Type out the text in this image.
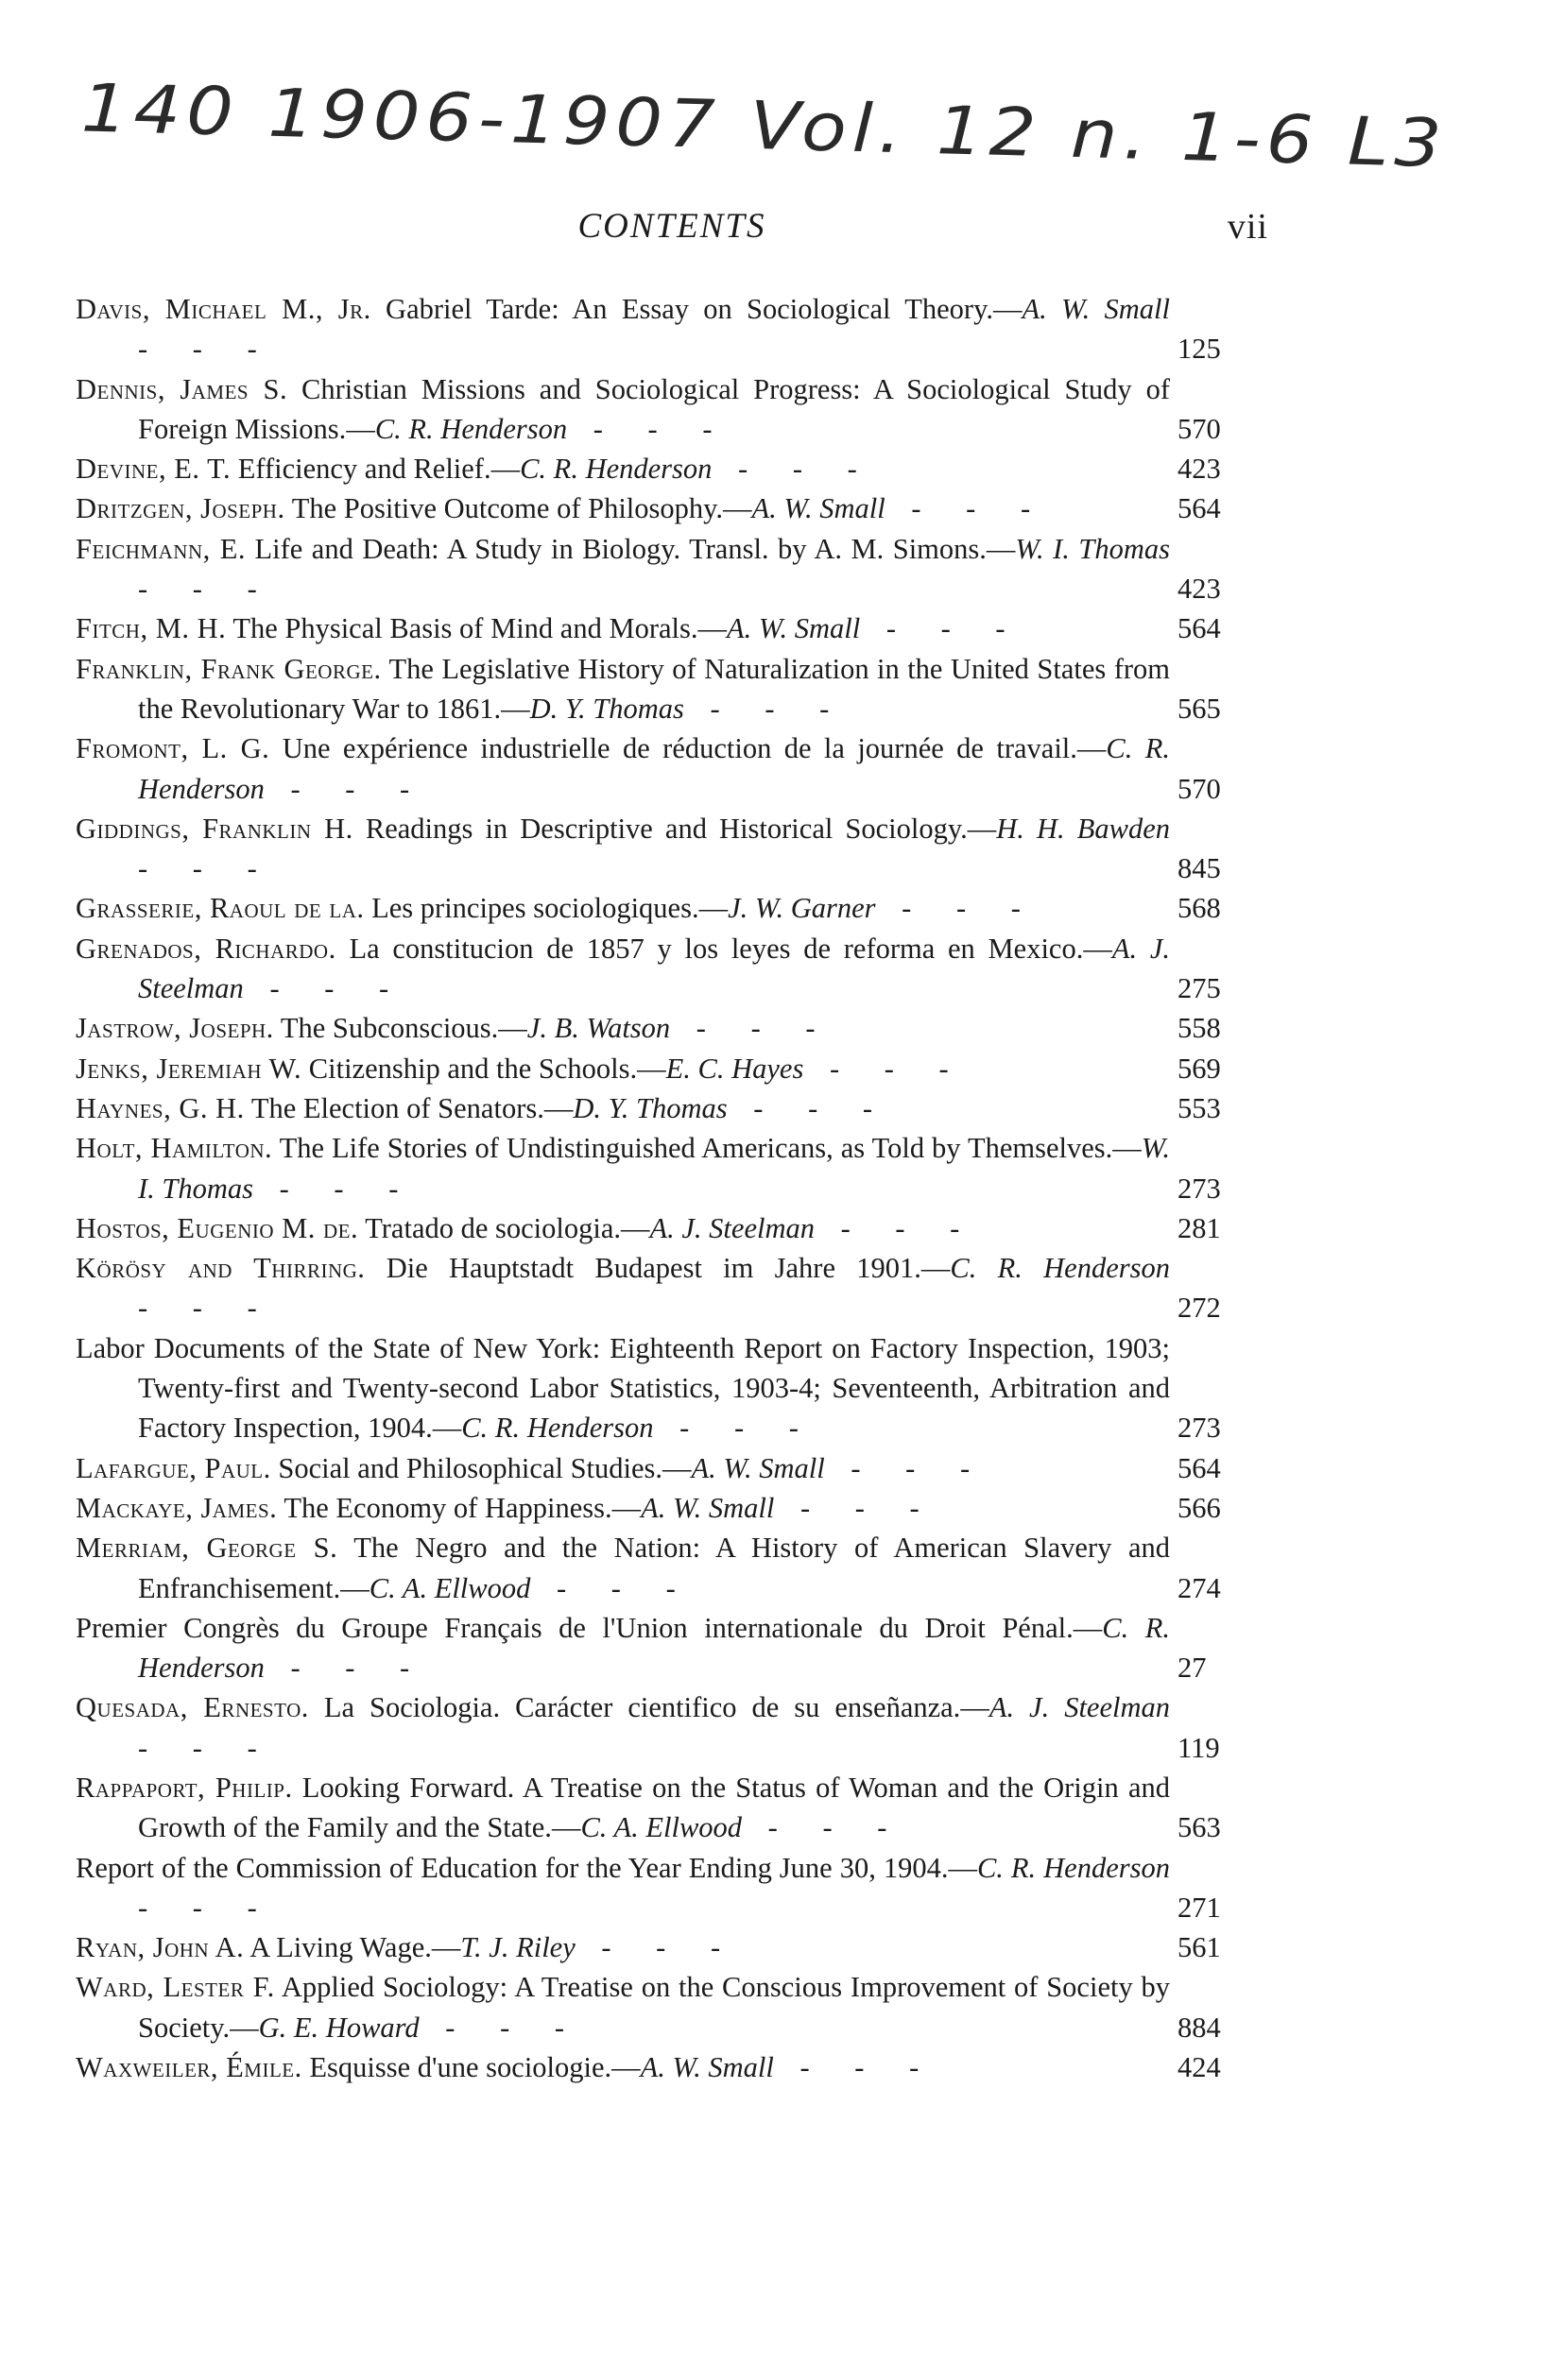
140 1906-1907 Vol. 12 n. 1-6 L3
CONTENTS	vii
Davis, Michael M., Jr. Gabriel Tarde: An Essay on Sociological Theory.—A. W. Small - - -	125
Dennis, James S. Christian Missions and Sociological Progress: A Sociological Study of Foreign Missions.—C. R. Henderson - - -	570
Devine, E. T. Efficiency and Relief.—C. R. Henderson - - -	423
Dritzgen, Joseph. The Positive Outcome of Philosophy.—A. W. Small - - -	564
Feichmann, E. Life and Death: A Study in Biology. Transl. by A. M. Simons.—W. I. Thomas - - -	423
Fitch, M. H. The Physical Basis of Mind and Morals.—A. W. Small - - -	564
Franklin, Frank George. The Legislative History of Naturalization in the United States from the Revolutionary War to 1861.—D. Y. Thomas - - -	565
Fromont, L. G. Une expérience industrielle de réduction de la journée de travail.—C. R. Henderson - - -	570
Giddings, Franklin H. Readings in Descriptive and Historical Sociology.—H. H. Bawden - - -	845
Grasserie, Raoul de la. Les principes sociologiques.—J. W. Garner - - -	568
Grenados, Richardo. La constitucion de 1857 y los leyes de reforma en Mexico.—A. J. Steelman - - -	275
Jastrow, Joseph. The Subconscious.—J. B. Watson - - -	558
Jenks, Jeremiah W. Citizenship and the Schools.—E. C. Hayes - - -	569
Haynes, G. H. The Election of Senators.—D. Y. Thomas - - -	553
Holt, Hamilton. The Life Stories of Undistinguished Americans, as Told by Themselves.—W. I. Thomas - - -	273
Hostos, Eugenio M. de. Tratado de sociologia.—A. J. Steelman - - -	281
Körösy and Thirring. Die Hauptstadt Budapest im Jahre 1901.—C. R. Henderson - - -	272
Labor Documents of the State of New York: Eighteenth Report on Factory Inspection, 1903; Twenty-first and Twenty-second Labor Statistics, 1903-4; Seventeenth, Arbitration and Factory Inspection, 1904.—C. R. Henderson - - -	273
Lafargue, Paul. Social and Philosophical Studies.—A. W. Small - - -	564
Mackaye, James. The Economy of Happiness.—A. W. Small - - -	566
Merriam, George S. The Negro and the Nation: A History of American Slavery and Enfranchisement.—C. A. Ellwood - - -	274
Premier Congrès du Groupe Français de l'Union internationale du Droit Pénal.—C. R. Henderson - - -	27
Quesada, Ernesto. La Sociologia. Carácter cientifico de su enseñanza.—A. J. Steelman - - -	119
Rappaport, Philip. Looking Forward. A Treatise on the Status of Woman and the Origin and Growth of the Family and the State.—C. A. Ellwood - - -	563
Report of the Commission of Education for the Year Ending June 30, 1904.—C. R. Henderson - - -	271
Ryan, John A. A Living Wage.—T. J. Riley - - -	561
Ward, Lester F. Applied Sociology: A Treatise on the Conscious Improvement of Society by Society.—G. E. Howard - - -	884
Waxweiler, Émile. Esquisse d'une sociologie.—A. W. Small - - -	424
